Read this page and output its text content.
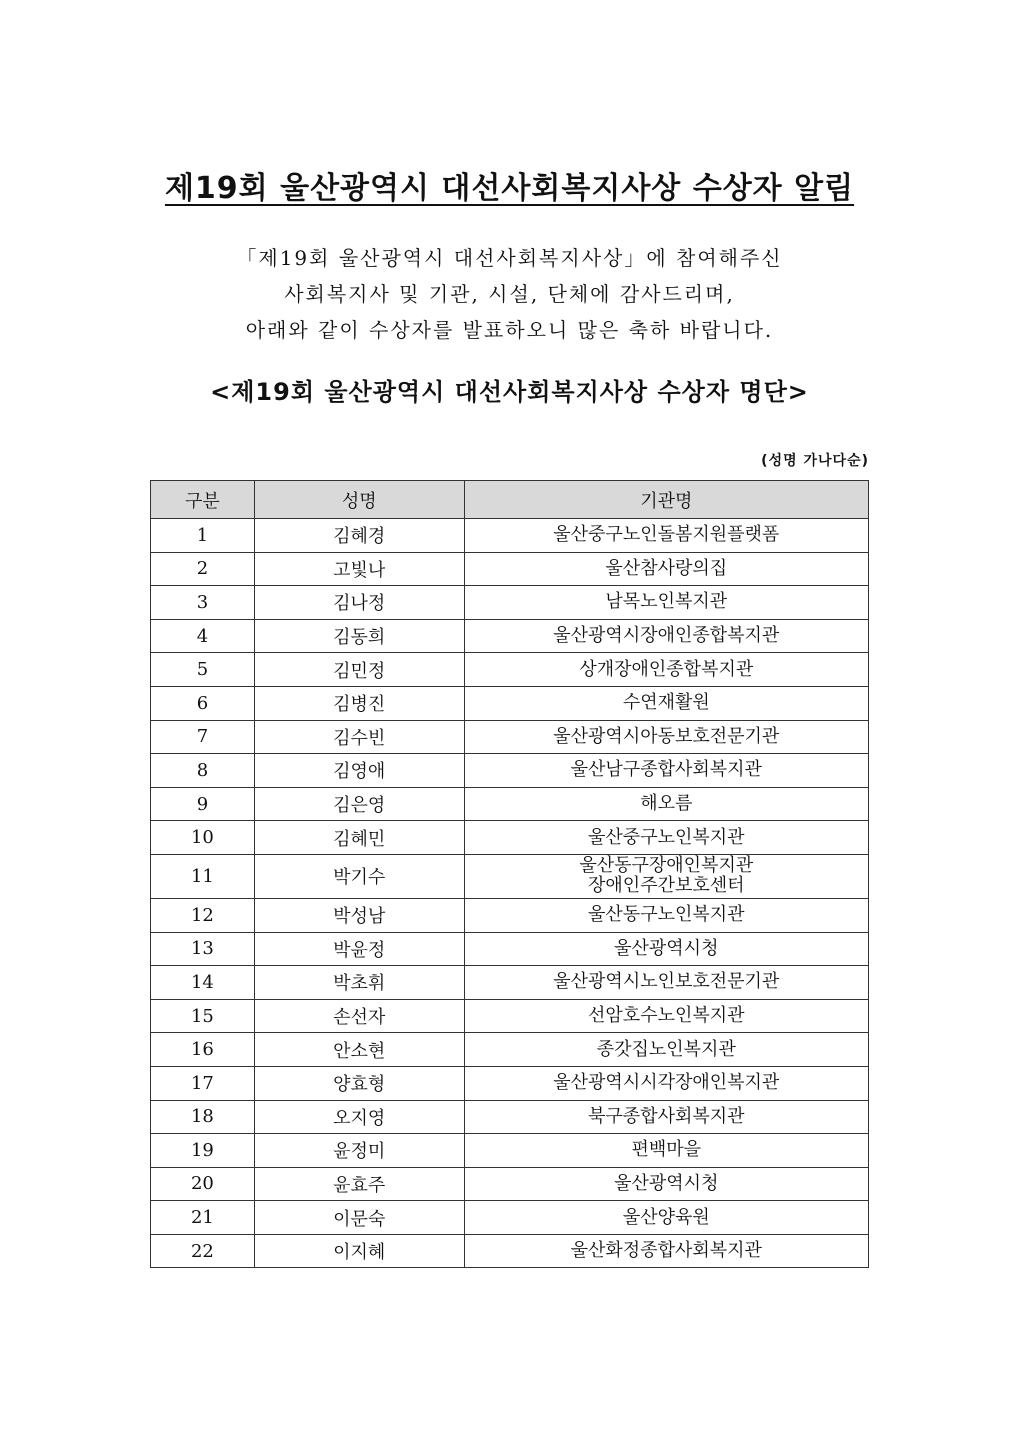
제19회 울산광역시 대선사회복지사상 수상자 알림
「제19회 울산광역시 대선사회복지사상」에 참여해주신
사회복지사 및 기관, 시설, 단체에 감사드리며,
아래와 같이 수상자를 발표하오니 많은 축하 바랍니다.
<제19회 울산광역시 대선사회복지사상 수상자 명단>
(성명 가나다순)
구분	성명	기관명
1	김혜경	울산중구노인돌봄지원플랫폼

2	고빛나	울산참사랑의집

3	김나정	남목노인복지관

4	김동희	울산광역시장애인종합복지관

5	김민정	상개장애인종합복지관

6	김병진	수연재활원

7	김수빈	울산광역시아동보호전문기관

8	김영애	울산남구종합사회복지관

9	김은영	해오름

10	김혜민	울산중구노인복지관

11	박기수	울산동구장애인복지관
장애인주간보호센터

12	박성남	울산동구노인복지관

13	박윤정	울산광역시청

14	박초휘	울산광역시노인보호전문기관

15	손선자	선암호수노인복지관

16	안소현	종갓집노인복지관

17	양효형	울산광역시시각장애인복지관

18	오지영	북구종합사회복지관

19	윤정미	편백마을

20	윤효주	울산광역시청

21	이문숙	울산양육원

22	이지혜	울산화정종합사회복지관
